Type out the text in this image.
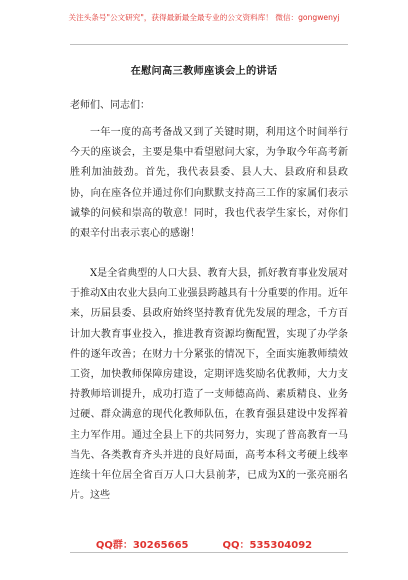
关注头条号"公文研究"，获得最新最全最专业的公文资料库！ 微信：gongwenyj
在慰问高三教师座谈会上的讲话
老师们、同志们：

一年一度的高考备战又到了关键时期，利用这个时间举行今天的座谈会，主要是集中看望慰问大家，为争取今年高考新胜利加油鼓劲。首先，我代表县委、县人大、县政府和县政协，向在座各位并通过你们向默默支持高三工作的家属们表示诚挚的问候和崇高的敬意！同时，我也代表学生家长，对你们的艰辛付出表示衷心的感谢！

X是全省典型的人口大县、教育大县，抓好教育事业发展对于推动X由农业大县向工业强县跨越具有十分重要的作用。近年来，历届县委、县政府始终坚持教育优先发展的理念，千方百计加大教育事业投入，推进教育资源均衡配置，实现了办学条件的逐年改善；在财力十分紧张的情况下，全面实施教师绩效工资，加快教师保障房建设，定期评选奖励名优教师，大力支持教师培训提升，成功打造了一支师德高尚、素质精良、业务过硬、群众满意的现代化教师队伍，在教育强县建设中发挥着主力军作用。通过全县上下的共同努力，实现了普高教育一马当先、各类教育齐头并进的良好局面，高考本科文考硬上线率连续十年位居全省百万人口大县前茅，已成为X的一张亮丽名片。这些

QQ群：30265665	QQ：535304092
